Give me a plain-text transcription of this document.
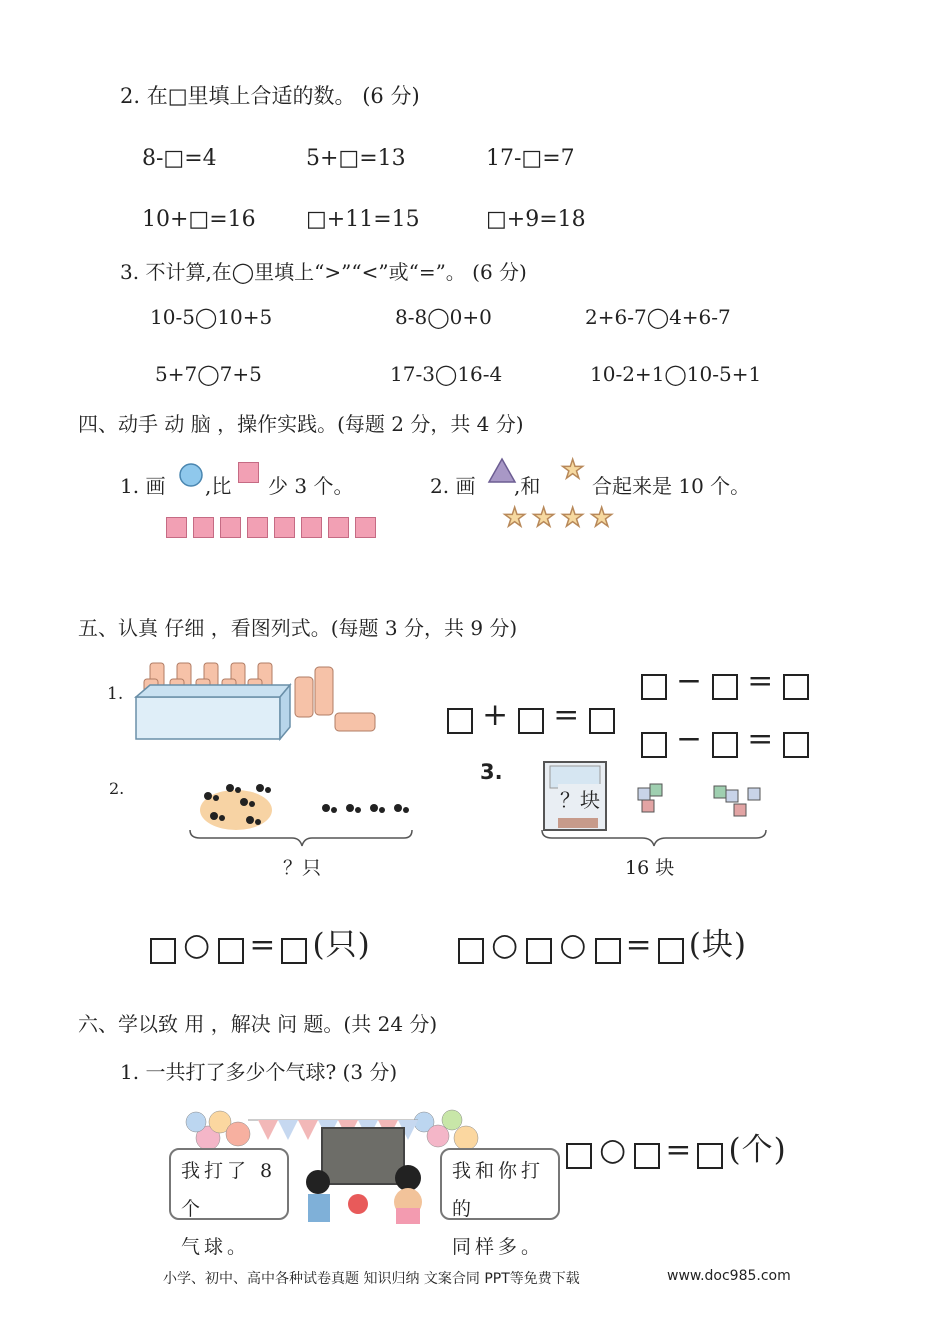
2. 在□里填上合适的数。 (6 分)
8-□=4	5+□=13	17-□=7
10+□=16 □+11=15	□+9=18
3. 不计算,在◯里填上“>”“<”或“=”。 (6 分)
10-5◯10+5	8-8◯0+0	2+6-7◯4+6-7
5+7◯7+5	17-3◯16-4	10-2+1◯10-5+1
四、动手 动 脑 ，操作实践。(每题 2 分，共 4 分)
1. 画 ,比 少 3 个。	2. 画 ,和
★
合起来是 10 个。
★ ★ ★ ★
五、认真 仔细 ，看图列式。(每题 3 分，共 9 分)
1.
+ =
− =
− =
2.
？只
3.
？块
16 块
○ = (只)	○ ○ = (块)
六、学以致 用 ，解决 问 题。(共 24 分)
1. 一共打了多少个气球? (3 分)
我打了 8 个
气球。
我和你打的
同样多。
○ = (个)
小学、初中、高中各种试卷真题 知识归纳 文案合同 PPT等免费下载	www.doc985.com
